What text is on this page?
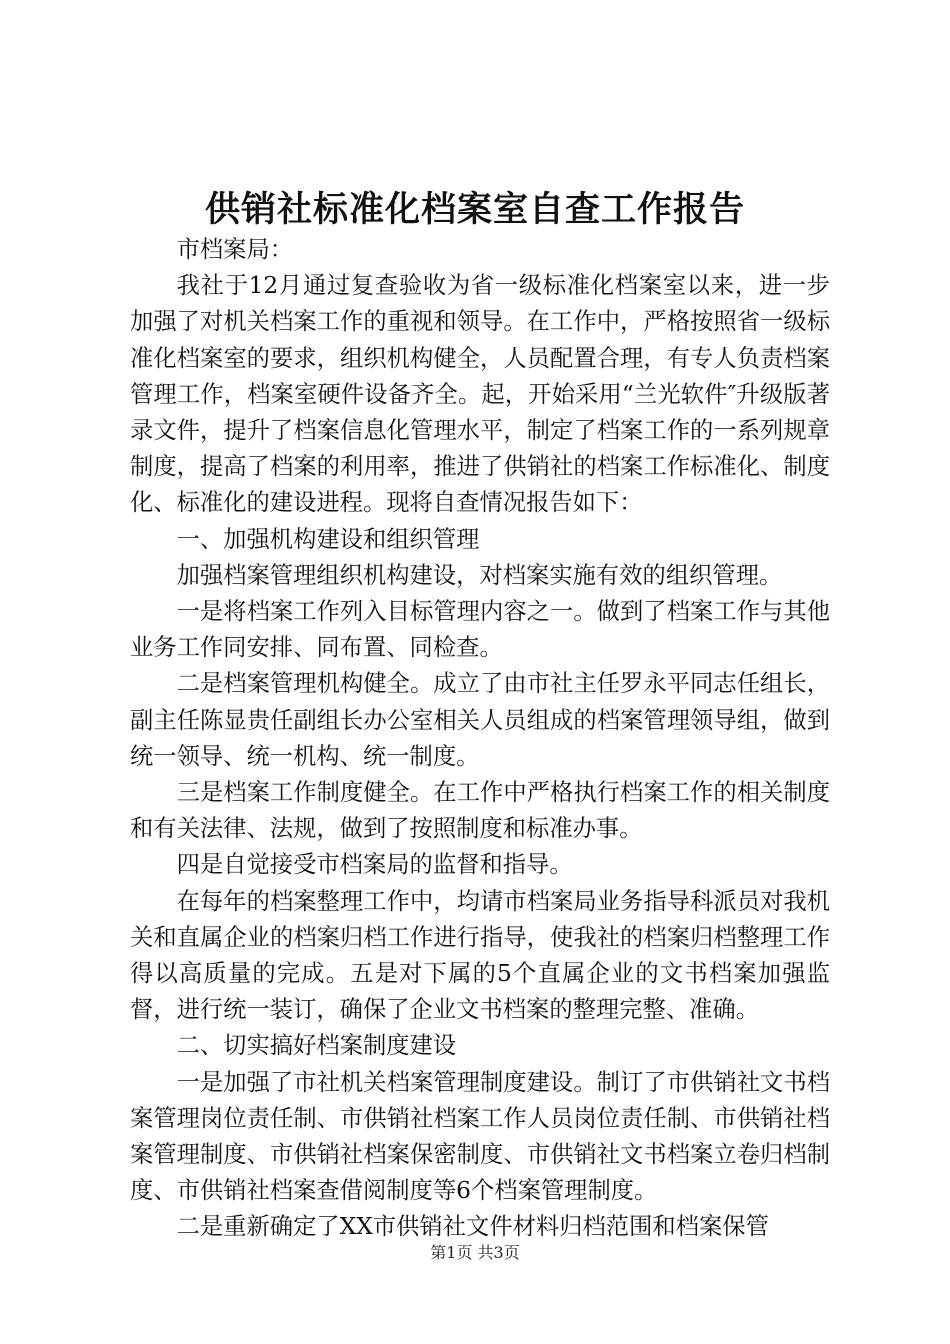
供销社标准化档案室自查工作报告

市档案局：

我社于12月通过复查验收为省一级标准化档案室以来，进一步加强了对机关档案工作的重视和领导。在工作中，严格按照省一级标准化档案室的要求，组织机构健全，人员配置合理，有专人负责档案管理工作，档案室硬件设备齐全。起，开始采用“兰光软件″升级版著录文件，提升了档案信息化管理水平，制定了档案工作的一系列规章制度，提高了档案的利用率，推进了供销社的档案工作标准化、制度化、标准化的建设进程。现将自查情况报告如下：

一、加强机构建设和组织管理

加强档案管理组织机构建设，对档案实施有效的组织管理。

一是将档案工作列入目标管理内容之一。做到了档案工作与其他业务工作同安排、同布置、同检查。

二是档案管理机构健全。成立了由市社主任罗永平同志任组长，副主任陈显贵任副组长办公室相关人员组成的档案管理领导组，做到统一领导、统一机构、统一制度。

三是档案工作制度健全。在工作中严格执行档案工作的相关制度和有关法律、法规，做到了按照制度和标准办事。

四是自觉接受市档案局的监督和指导。

在每年的档案整理工作中，均请市档案局业务指导科派员对我机关和直属企业的档案归档工作进行指导，使我社的档案归档整理工作得以高质量的完成。五是对下属的5个直属企业的文书档案加强监督，进行统一装订，确保了企业文书档案的整理完整、准确。

二、切实搞好档案制度建设

一是加强了市社机关档案管理制度建设。制订了市供销社文书档案管理岗位责任制、市供销社档案工作人员岗位责任制、市供销社档案管理制度、市供销社档案保密制度、市供销社文书档案立卷归档制度、市供销社档案查借阅制度等6个档案管理制度。

二是重新确定了XX市供销社文件材料归档范围和档案保管

第1页 共3页
